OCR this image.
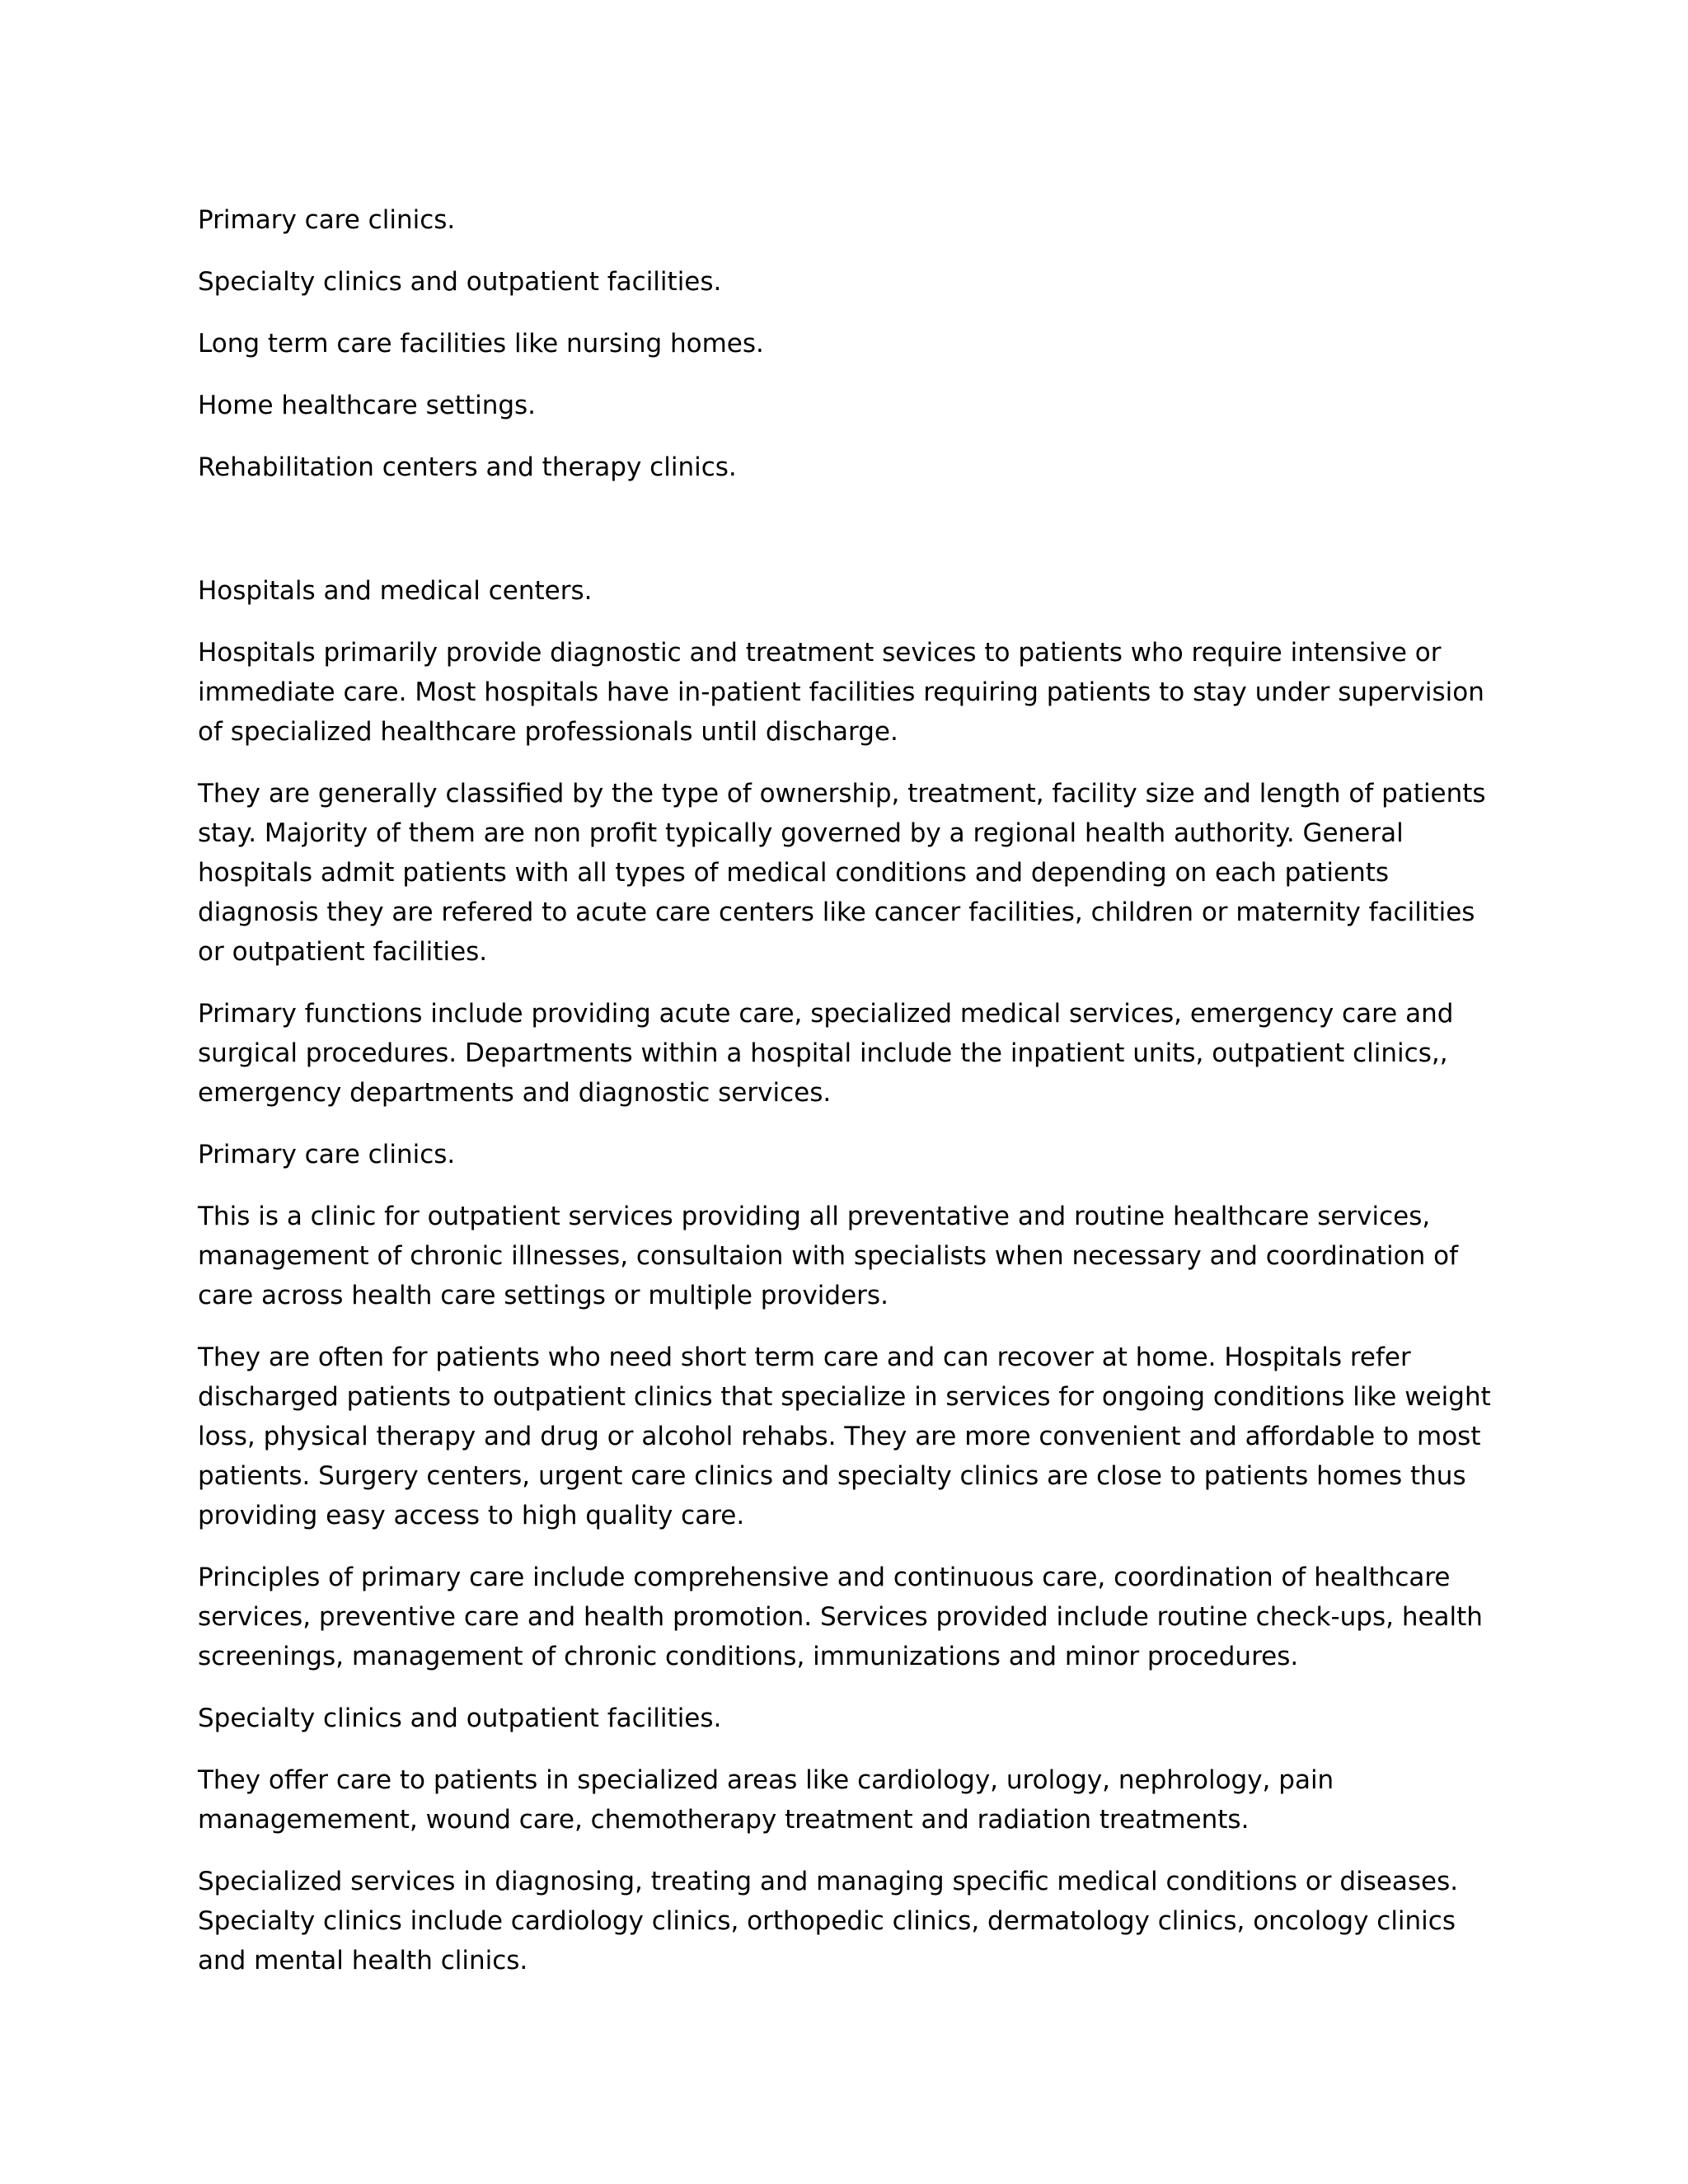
Primary care clinics.

Specialty clinics and outpatient facilities.

Long term care facilities like nursing homes.

Home healthcare settings.

Rehabilitation centers and therapy clinics.

Hospitals and medical centers.

Hospitals primarily provide diagnostic and treatment sevices to patients who require intensive or immediate care. Most hospitals have in-patient facilities requiring patients to stay under supervision of specialized healthcare professionals until discharge.

They are generally classified by the type of ownership, treatment, facility size and length of patients stay. Majority of them are non profit typically governed by a regional health authority. General hospitals admit patients with all types of medical conditions and depending on each patients diagnosis they are refered to acute care centers like cancer facilities, children or maternity facilities or outpatient facilities.

Primary functions include providing acute care, specialized medical services, emergency care and surgical procedures. Departments within a hospital include the inpatient units, outpatient clinics,, emergency departments and diagnostic services.

Primary care clinics.

This is a clinic for outpatient services providing all preventative and routine healthcare services, management of chronic illnesses, consultaion with specialists when necessary and coordination of care across health care settings or multiple providers.

They are often for patients who need short term care and can recover at home. Hospitals refer discharged patients to outpatient clinics that specialize in services for ongoing conditions like weight loss, physical therapy and drug or alcohol rehabs. They are more convenient and affordable to most patients. Surgery centers, urgent care clinics and specialty clinics are close to patients homes thus providing easy access to high quality care.

Principles of primary care include comprehensive and continuous care, coordination of healthcare services, preventive care and health promotion. Services provided include routine check-ups, health screenings, management of chronic conditions, immunizations and minor procedures.

Specialty clinics and outpatient facilities.

They offer care to patients in specialized areas like cardiology, urology, nephrology, pain managemement, wound care, chemotherapy treatment and radiation treatments.

Specialized services in diagnosing, treating and managing specific medical conditions or diseases. Specialty clinics include cardiology clinics, orthopedic clinics, dermatology clinics, oncology clinics and mental health clinics.
